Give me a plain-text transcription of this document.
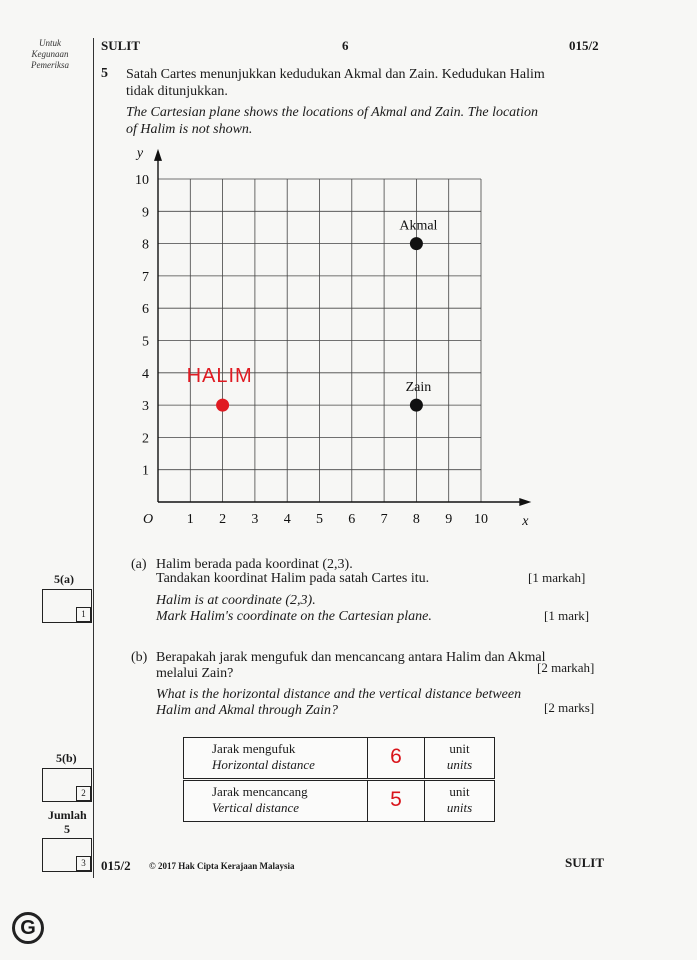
Untuk
Kegunaan
Pemeriksa
SULIT	6	015/2
5 Satah Cartes menunjukkan kedudukan Akmal dan Zain. Kedudukan Halim
tidak ditunjukkan.
The Cartesian plane shows the locations of Akmal and Zain. The location
of Halim is not shown.
1 2 3 4 5 6 7 8 9 10
1
2
3
4
5
6
7
8
9
10
O	x
y
Akmal
Zain
HALIM
5(a)
1
(a) Halim berada pada koordinat (2,3).
Tandakan koordinat Halim pada satah Cartes itu.	[1 markah]
Halim is at coordinate (2,3).
Mark Halim's coordinate on the Cartesian plane.	[1 mark]
(b) Berapakah jarak mengufuk dan mencancang antara Halim dan Akmal
melalui Zain?	[2 markah]
What is the horizontal distance and the vertical distance between
Halim and Akmal through Zain?	[2 marks]
Jarak mengufuk
Horizontal distance	6	unit
units
Jarak mencancang
Vertical distance	5	unit
units
5(b)
2
Jumlah
5
3	015/2 © 2017 Hak Cipta Kerajaan Malaysia	SULIT
G
